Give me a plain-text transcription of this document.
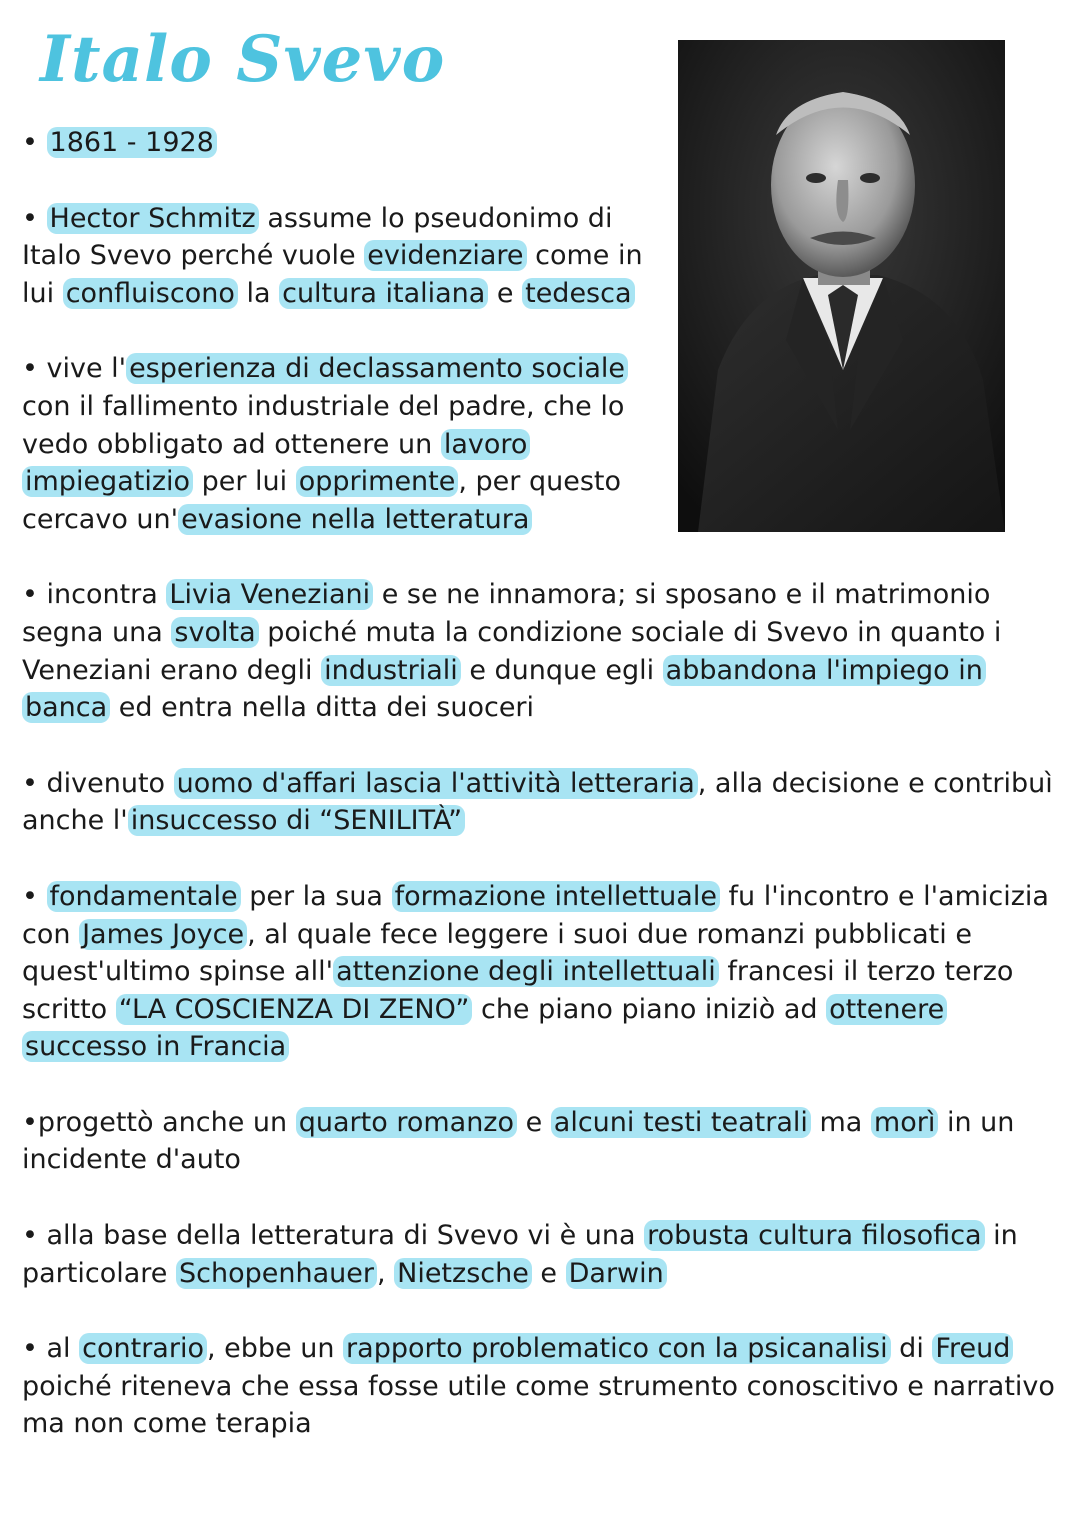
Italo Svevo

• 1861 - 1928

• Hector Schmitz assume lo pseudonimo di Italo Svevo perché vuole evidenziare come in lui confluiscono la cultura italiana e tedesca

• vive l' esperienza di declassamento sociale con il fallimento industriale del padre, che lo vedo obbligato ad ottenere un lavoro impiegatizio per lui opprimente , per questo cercavo un' evasione nella letteratura

• incontra Livia Veneziani e se ne innamora; si sposano e il matrimonio segna una svolta poiché muta la condizione sociale di Svevo in quanto i Veneziani erano degli industriali e dunque egli abbandona l'impiego in banca ed entra nella ditta dei suoceri

• divenuto uomo d'affari lascia l'attività letteraria , alla decisione e contribuì anche l' insuccesso di “SENILITÀ”

• fondamentale per la sua formazione intellettuale fu l'incontro e l'amicizia con James Joyce , al quale fece leggere i suoi due romanzi pubblicati e quest'ultimo spinse all' attenzione degli intellettuali francesi il terzo terzo scritto “LA COSCIENZA DI ZENO” che piano piano iniziò ad ottenere successo in Francia

•progettò anche un quarto romanzo e alcuni testi teatrali ma morì in un incidente d'auto

• alla base della letteratura di Svevo vi è una robusta cultura filosofica in particolare Schopenhauer , Nietzsche e Darwin

• al contrario , ebbe un rapporto problematico con la psicanalisi di Freud poiché riteneva che essa fosse utile come strumento conoscitivo e narrativo ma non come terapia
